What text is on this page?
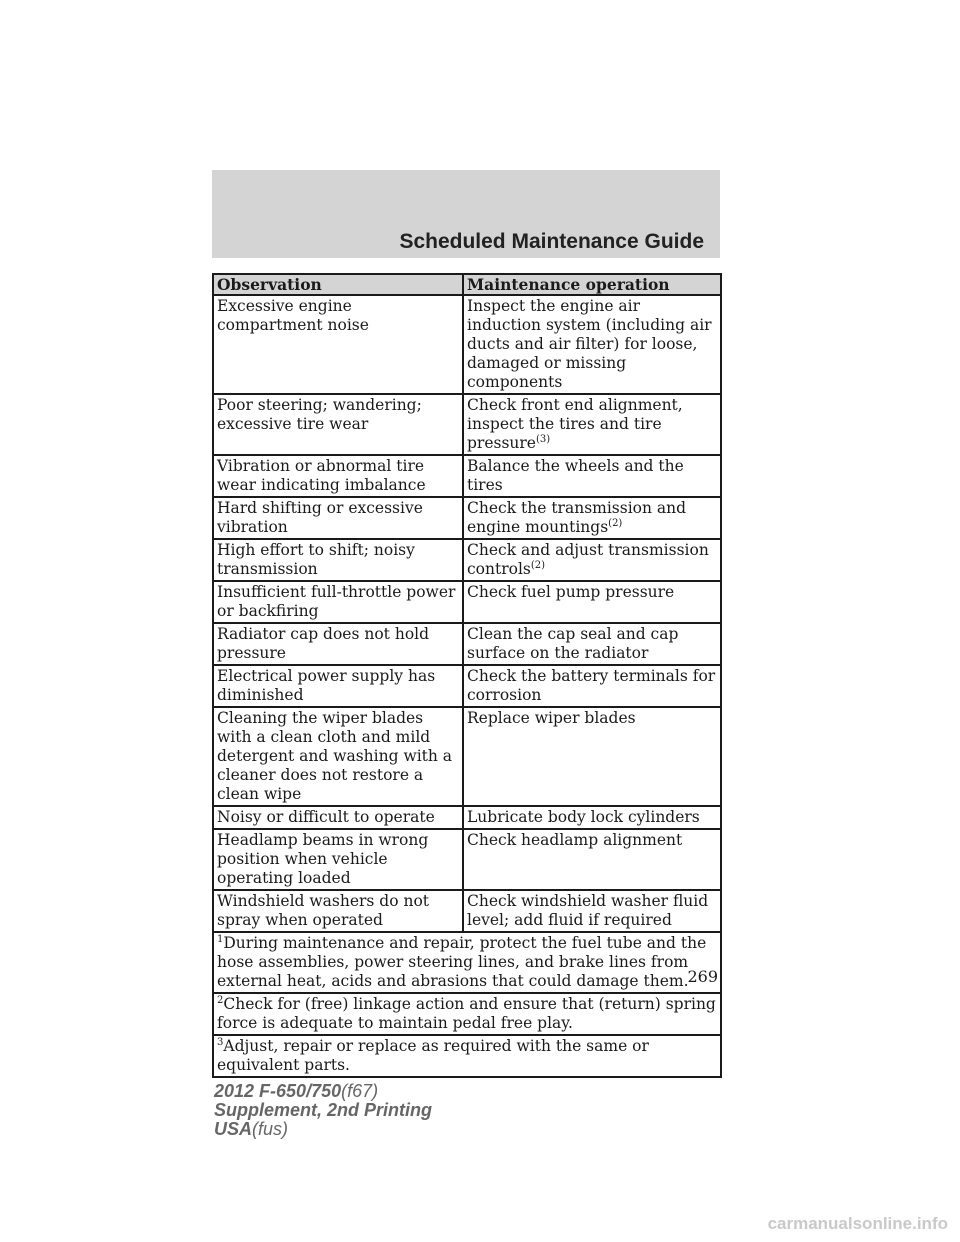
Scheduled Maintenance Guide
Observation	Maintenance operation
Excessive engine compartment noise	Inspect the engine air induction system (including air ducts and air filter) for loose, damaged or missing components
Poor steering; wandering; excessive tire wear	Check front end alignment, inspect the tires and tire pressure$^{(3)}$
Vibration or abnormal tire wear indicating imbalance	Balance the wheels and the tires
Hard shifting or excessive vibration	Check the transmission and engine mountings$^{(2)}$
High effort to shift; noisy transmission	Check and adjust transmission controls$^{(2)}$
Insufficient full-throttle power or backfiring	Check fuel pump pressure
Radiator cap does not hold pressure	Clean the cap seal and cap surface on the radiator
Electrical power supply has diminished	Check the battery terminals for corrosion
Cleaning the wiper blades with a clean cloth and mild detergent and washing with a cleaner does not restore a clean wipe	Replace wiper blades
Noisy or difficult to operate	Lubricate body lock cylinders
Headlamp beams in wrong position when vehicle operating loaded	Check headlamp alignment
Windshield washers do not spray when operated	Check windshield washer fluid level; add fluid if required
$^1$During maintenance and repair, protect the fuel tube and the hose assemblies, power steering lines, and brake lines from external heat, acids and abrasions that could damage them.	
$^2$Check for (free) linkage action and ensure that (return) spring force is adequate to maintain pedal free play.	
$^3$Adjust, repair or replace as required with the same or equivalent parts.	
269
2012 F-650/750(f67)
Supplement, 2nd Printing
USA(fus)
carmanualsonline.info
